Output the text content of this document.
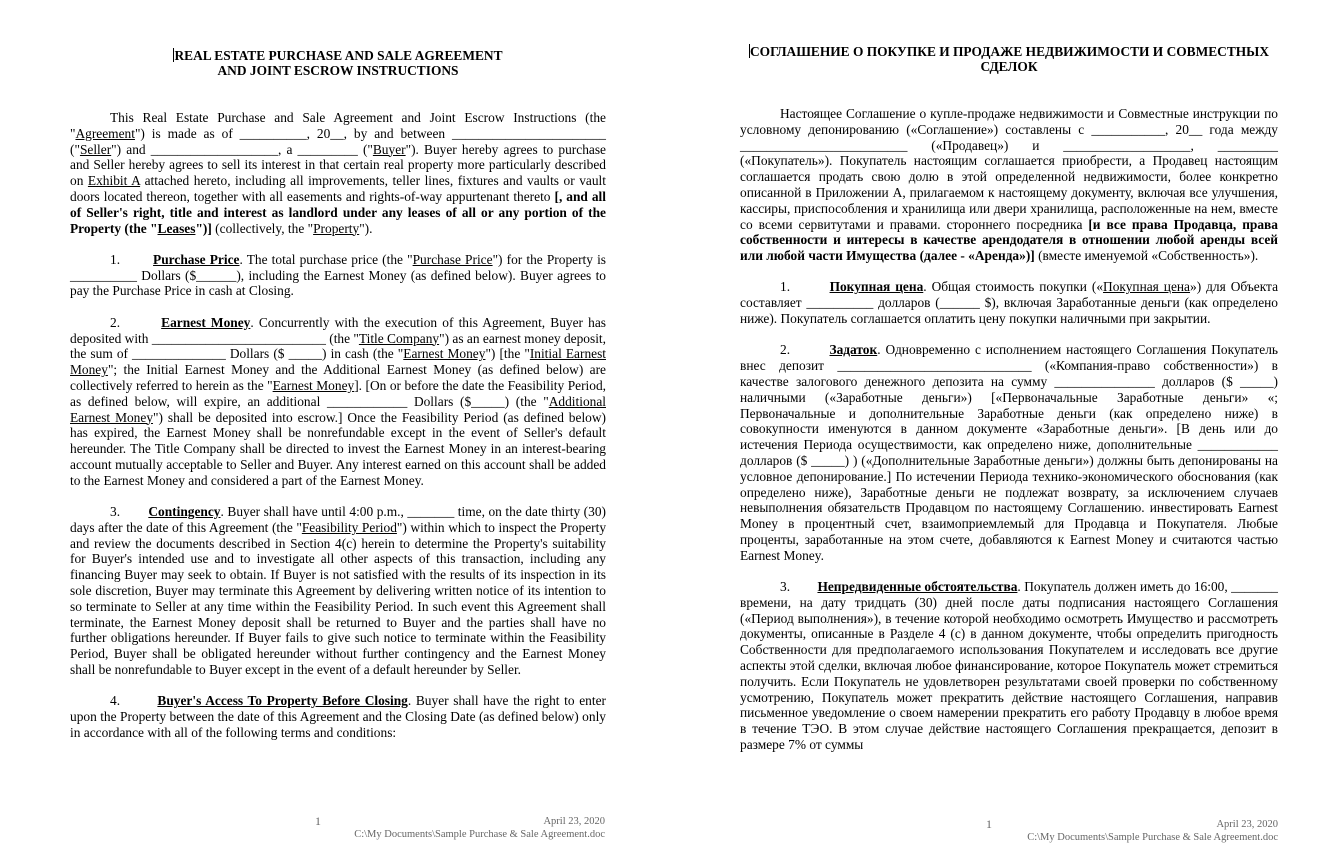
REAL ESTATE PURCHASE AND SALE AGREEMENT
AND JOINT ESCROW INSTRUCTIONS

This Real Estate Purchase and Sale Agreement and Joint Escrow Instructions (the "Agreement") is made as of __________, 20__, by and between _______________________ ("Seller") and ___________________, a _________ ("Buyer"). Buyer hereby agrees to purchase and Seller hereby agrees to sell its interest in that certain real property more particularly described on Exhibit A attached hereto, including all improvements, teller lines, fixtures and vaults or vault doors located thereon, together with all easements and rights-of-way appurtenant thereto [, and all of Seller's right, title and interest as landlord under any leases of all or any portion of the Property (the "Leases")] (collectively, the "Property").

1. Purchase Price. The total purchase price (the "Purchase Price") for the Property is __________ Dollars ($______), including the Earnest Money (as defined below). Buyer agrees to pay the Purchase Price in cash at Closing.

2.	Earnest Money. Concurrently with the execution of this Agreement, Buyer has deposited with __________________________ (the "Title Company") as an earnest money deposit, the sum of ______________ Dollars ($ _____) in cash (the "Earnest Money") [the "Initial Earnest Money"; the Initial Earnest Money and the Additional Earnest Money (as defined below) are collectively referred to herein as the "Earnest Money]. [On or before the date the Feasibility Period, as defined below, will expire, an additional ____________ Dollars ($_____) (the "Additional Earnest Money") shall be deposited into escrow.] Once the Feasibility Period (as defined below) has expired, the Earnest Money shall be nonrefundable except in the event of Seller's default hereunder. The Title Company shall be directed to invest the Earnest Money in an interest-bearing account mutually acceptable to Seller and Buyer. Any interest earned on this account shall be added to the Earnest Money and considered a part of the Earnest Money.

3. Contingency. Buyer shall have until 4:00 p.m., _______ time, on the date thirty (30) days after the date of this Agreement (the "Feasibility Period") within which to inspect the Property and review the documents described in Section 4(c) herein to determine the Property's suitability for Buyer's intended use and to investigate all other aspects of this transaction, including any financing Buyer may seek to obtain. If Buyer is not satisfied with the results of its inspection in its sole discretion, Buyer may terminate this Agreement by delivering written notice of its intention to so terminate to Seller at any time within the Feasibility Period. In such event this Agreement shall terminate, the Earnest Money deposit shall be returned to Buyer and the parties shall have no further obligations hereunder. If Buyer fails to give such notice to terminate within the Feasibility Period, Buyer shall be obligated hereunder without further contingency and the Earnest Money shall be nonrefundable to Buyer except in the event of a default hereunder by Seller.

4.	Buyer's Access To Property Before Closing. Buyer shall have the right to enter upon the Property between the date of this Agreement and the Closing Date (as defined below) only in accordance with all of the following terms and conditions:

1	April 23, 2020
C:\My Documents\Sample Purchase & Sale Agreement.doc
СОГЛАШЕНИЕ О ПОКУПКЕ И ПРОДАЖЕ НЕДВИЖИМОСТИ И СОВМЕСТНЫХ
СДЕЛОК

Настоящее Соглашение о купле-продаже недвижимости и Совместные инструкции по условному депонированию («Соглашение») составлены с ___________, 20__ года между _________________________ («Продавец») и ___________________, _________ («Покупатель»). Покупатель настоящим соглашается приобрести, а Продавец настоящим соглашается продать свою долю в этой определенной недвижимости, более конкретно описанной в Приложении А, прилагаемом к настоящему документу, включая все улучшения, кассиры, приспособления и хранилища или двери хранилища, расположенные на нем, вместе со всеми сервитутами и правами. стороннего посредника [и все права Продавца, права собственности и интересы в качестве арендодателя в отношении любой аренды всей или любой части Имущества (далее - «Аренда»)] (вместе именуемой «Собственность»).

1.	Покупная цена. Общая стоимость покупки («Покупная цена») для Объекта составляет __________ долларов (______ $), включая Заработанные деньги (как определено ниже). Покупатель соглашается оплатить цену покупки наличными при закрытии.

2.	Задаток. Одновременно с исполнением настоящего Соглашения Покупатель внес депозит _____________________________ («Компания-право собственности») в качестве залогового денежного депозита на сумму _______________ долларов ($ _____) наличными («Заработные деньги») [«Первоначальные Заработные деньги» «; Первоначальные и дополнительные Заработные деньги (как определено ниже) в совокупности именуются в данном документе «Заработные деньги». [В день или до истечения Периода осуществимости, как определено ниже, дополнительные ____________ долларов ($ _____) ) («Дополнительные Заработные деньги») должны быть депонированы на условное депонирование.] По истечении Периода технико-экономического обоснования (как определено ниже), Заработные деньги не подлежат возврату, за исключением случаев невыполнения обязательств Продавцом по настоящему Соглашению. инвестировать Earnest Money в процентный счет, взаимоприемлемый для Продавца и Покупателя. Любые проценты, заработанные на этом счете, добавляются к Earnest Money и считаются частью Earnest Money.

3. Непредвиденные обстоятельства. Покупатель должен иметь до 16:00, _______ времени, на дату тридцать (30) дней после даты подписания настоящего Соглашения («Период выполнения»), в течение которой необходимо осмотреть Имущество и рассмотреть документы, описанные в Разделе 4 (с) в данном документе, чтобы определить пригодность Собственности для предполагаемого использования Покупателем и исследовать все другие аспекты этой сделки, включая любое финансирование, которое Покупатель может стремиться получить. Если Покупатель не удовлетворен результатами своей проверки по собственному усмотрению, Покупатель может прекратить действие настоящего Соглашения, направив письменное уведомление о своем намерении прекратить его работу Продавцу в любое время в течение ТЭО. В этом случае действие настоящего Соглашения прекращается, депозит в размере 7% от суммы

1	April 23, 2020
C:\My Documents\Sample Purchase & Sale Agreement.doc
